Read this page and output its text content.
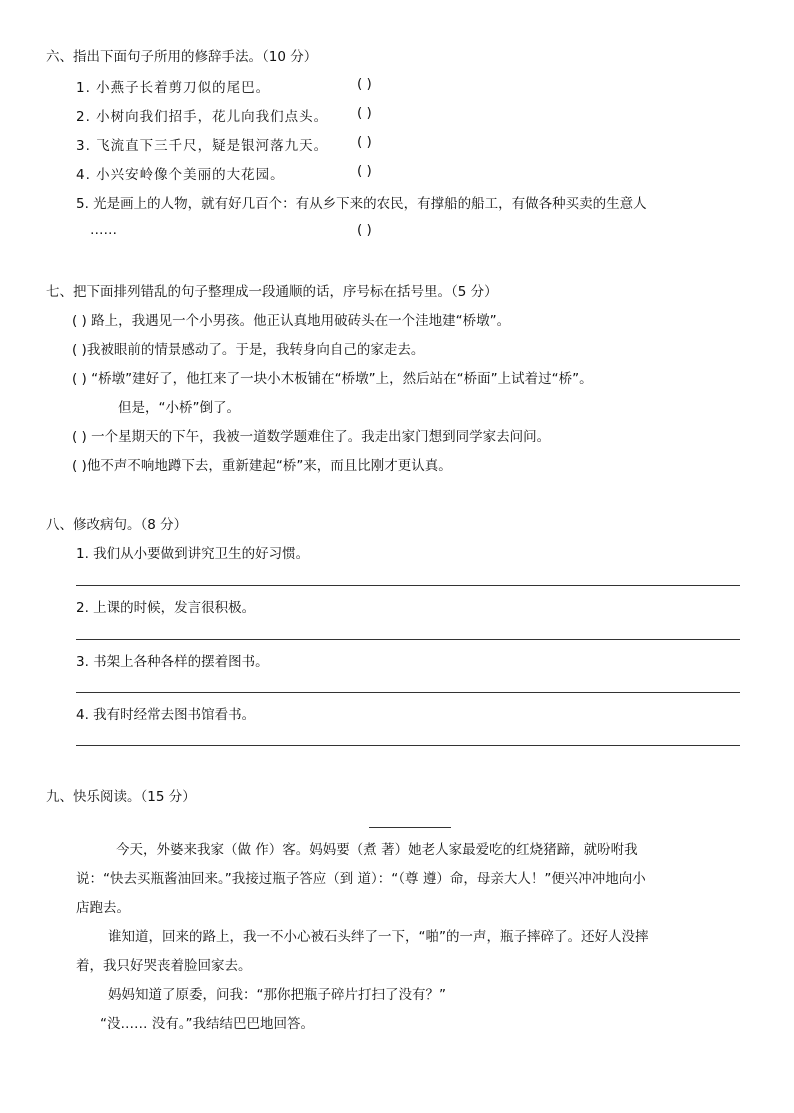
六、指出下面句子所用的修辞手法。（10 分）
1. 小燕子长着剪刀似的尾巴。	( )
2. 小树向我们招手，花儿向我们点头。 ( )
3. 飞流直下三千尺，疑是银河落九天。 ( )
4. 小兴安岭像个美丽的大花园。	( )
5. 光是画上的人物，就有好几百个：有从乡下来的农民，有撑船的船工，有做各种买卖的生意人
……	( )
七、把下面排列错乱的句子整理成一段通顺的话，序号标在括号里。（5 分）
( ) 路上，我遇见一个小男孩。他正认真地用破砖头在一个洼地建“桥墩”。
( )我被眼前的情景感动了。于是，我转身向自己的家走去。
( ) “桥墩”建好了，他扛来了一块小木板铺在“桥墩”上，然后站在“桥面”上试着过“桥”。
但是，“小桥”倒了。
( ) 一个星期天的下午，我被一道数学题难住了。我走出家门想到同学家去问问。
( )他不声不响地蹲下去，重新建起“桥”来，而且比刚才更认真。
八、修改病句。（8 分）
1. 我们从小要做到讲究卫生的好习惯。
2. 上课的时候，发言很积极。
3. 书架上各种各样的摆着图书。
4. 我有时经常去图书馆看书。
九、快乐阅读。（15 分）
今天，外婆来我家（做 作）客。妈妈要（煮 著）她老人家最爱吃的红烧猪蹄，就吩咐我
说：“快去买瓶酱油回来。”我接过瓶子答应（到 道）：“（尊 遵）命，母亲大人！”便兴冲冲地向小
店跑去。
谁知道，回来的路上，我一不小心被石头绊了一下，“啪”的一声，瓶子摔碎了。还好人没摔
着，我只好哭丧着脸回家去。
妈妈知道了原委，问我：“那你把瓶子碎片打扫了没有？”
“没…… 没有。”我结结巴巴地回答。
